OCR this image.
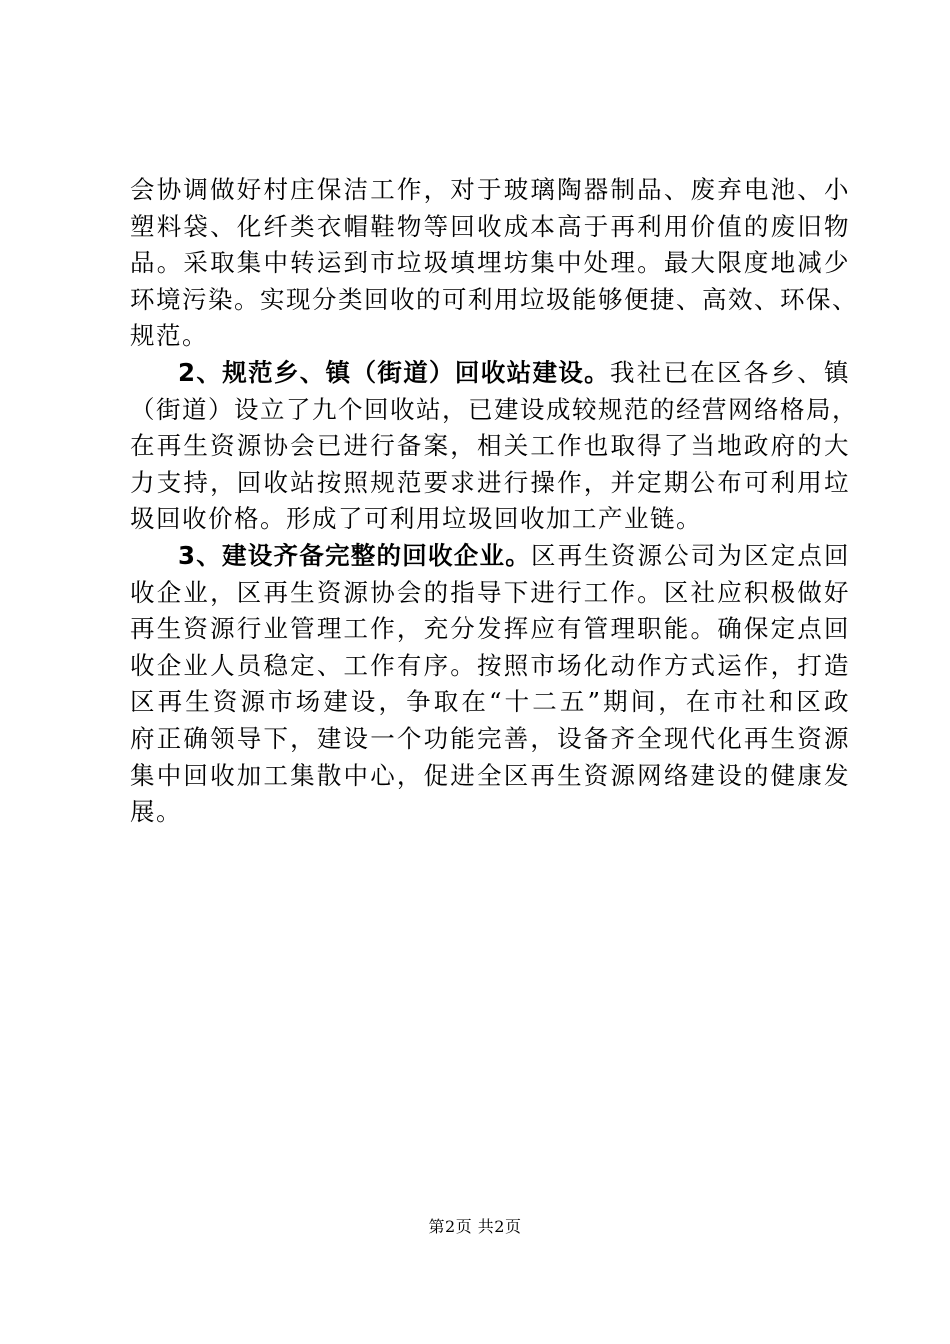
会协调做好村庄保洁工作，对于玻璃陶器制品、废弃电池、小
塑料袋、化纤类衣帽鞋物等回收成本高于再利用价值的废旧物
品。采取集中转运到市垃圾填埋坊集中处理。最大限度地减少
环境污染。实现分类回收的可利用垃圾能够便捷、高效、环保、
规范。
2、规范乡、镇（街道）回收站建设。我社已在区各乡、镇
（街道）设立了九个回收站，已建设成较规范的经营网络格局，
在再生资源协会已进行备案，相关工作也取得了当地政府的大
力支持，回收站按照规范要求进行操作，并定期公布可利用垃
圾回收价格。形成了可利用垃圾回收加工产业链。
3、建设齐备完整的回收企业。区再生资源公司为区定点回
收企业，区再生资源协会的指导下进行工作。区社应积极做好
再生资源行业管理工作，充分发挥应有管理职能。确保定点回
收企业人员稳定、工作有序。按照市场化动作方式运作，打造
区再生资源市场建设，争取在“十二五”期间，在市社和区政
府正确领导下，建设一个功能完善，设备齐全现代化再生资源
集中回收加工集散中心，促进全区再生资源网络建设的健康发
展。
第2页 共2页
